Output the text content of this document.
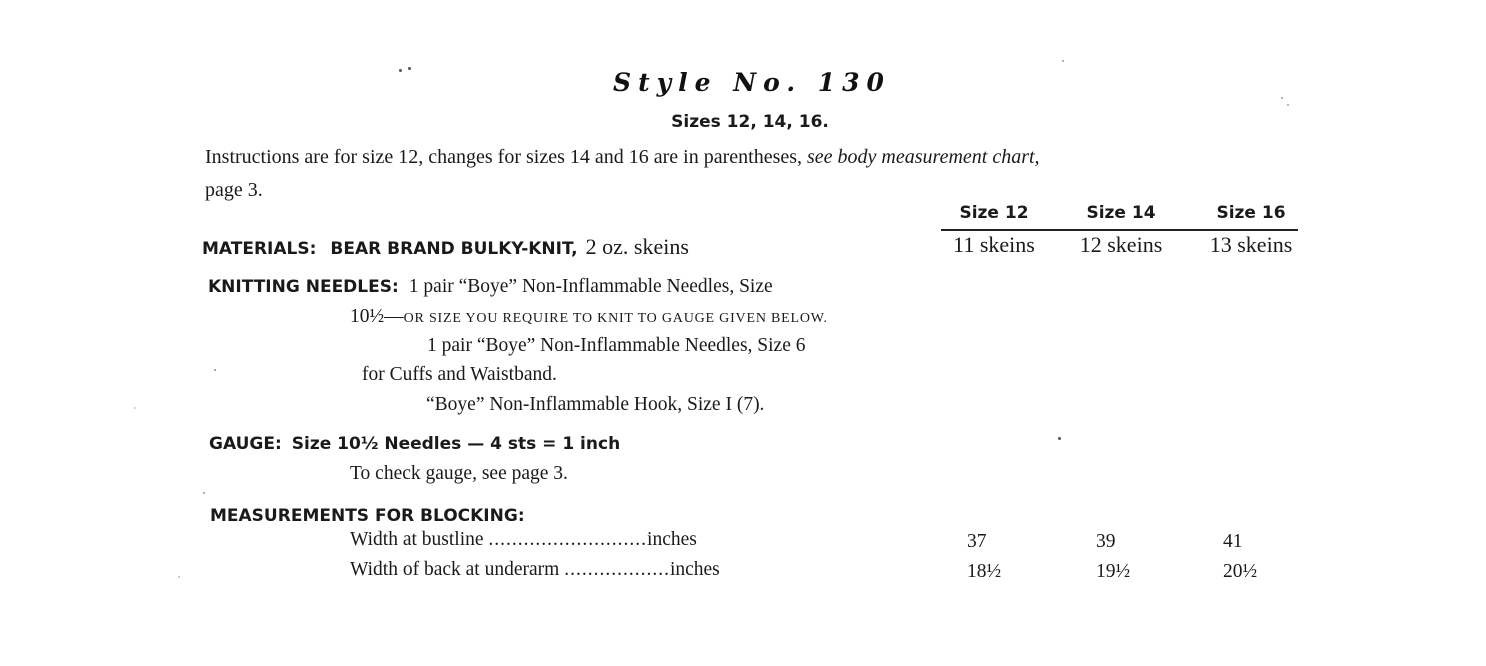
Style No. 130
Sizes 12, 14, 16.
Instructions are for size 12, changes for sizes 14 and 16 are in parentheses, see body measurement chart,
page 3.
Size 12	Size 14	Size 16
MATERIALS: BEAR BRAND BULKY-KNIT, 2 oz. skeins	11 skeins	12 skeins	13 skeins
KNITTING NEEDLES: 1 pair “Boye” Non-Inflammable Needles, Size
10½—OR SIZE YOU REQUIRE TO KNIT TO GAUGE GIVEN BELOW.
1 pair “Boye” Non-Inflammable Needles, Size 6
for Cuffs and Waistband.
“Boye” Non-Inflammable Hook, Size I (7).
GAUGE: Size 10½ Needles — 4 sts = 1 inch
To check gauge, see page 3.
MEASUREMENTS FOR BLOCKING:
Width at bustline ...........................inches	37	39	41
Width of back at underarm ..................inches	18½	19½	20½
